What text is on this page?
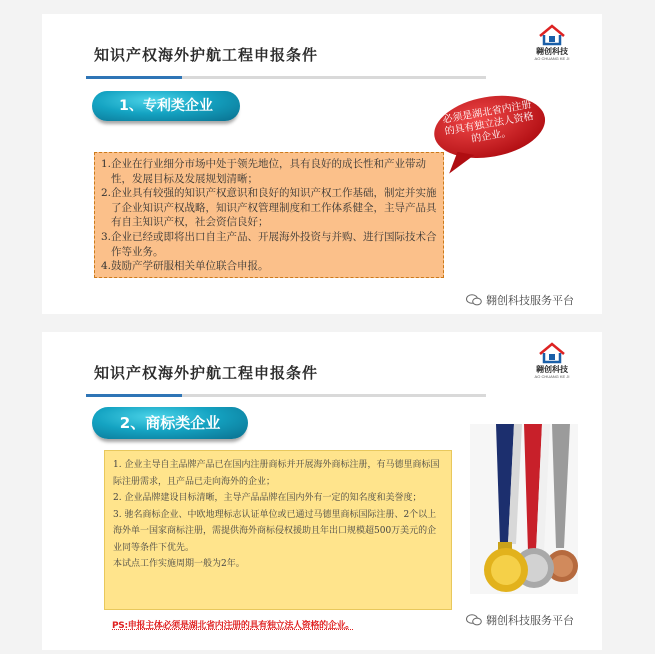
知识产权海外护航工程申报条件	翱创科技
AO CHUANG KE JI
1、专利类企业	必须是湖北省内注册的具有独立法人资格的企业。
1. 企业在行业细分市场中处于领先地位，具有良好的成长性和产业带动性，发展目标及发展规划清晰；
2. 企业具有较强的知识产权意识和良好的知识产权工作基础，制定并实施了企业知识产权战略，知识产权管理制度和工作体系健全，主导产品具有自主知识产权，社会资信良好；
3. 企业已经或即将出口自主产品、开展海外投资与并购、进行国际技术合作等业务。
4. 鼓励产学研服相关单位联合申报。
翱创科技服务平台
知识产权海外护航工程申报条件	翱创科技
AO CHUANG KE JI
2、商标类企业
1. 企业主导自主品牌产品已在国内注册商标并开展海外商标注册，有马德里商标国际注册需求，且产品已走向海外的企业；
2. 企业品牌建设目标清晰，主导产品品牌在国内外有一定的知名度和美誉度；
3. 驰名商标企业、中欧地理标志认证单位或已通过马德里商标国际注册、2个以上海外单一国家商标注册，需提供海外商标侵权援助且年出口规模超500万美元的企业同等条件下优先。
本试点工作实施周期一般为2年。
PS:申报主体必须是湖北省内注册的具有独立法人资格的企业。	翱创科技服务平台
